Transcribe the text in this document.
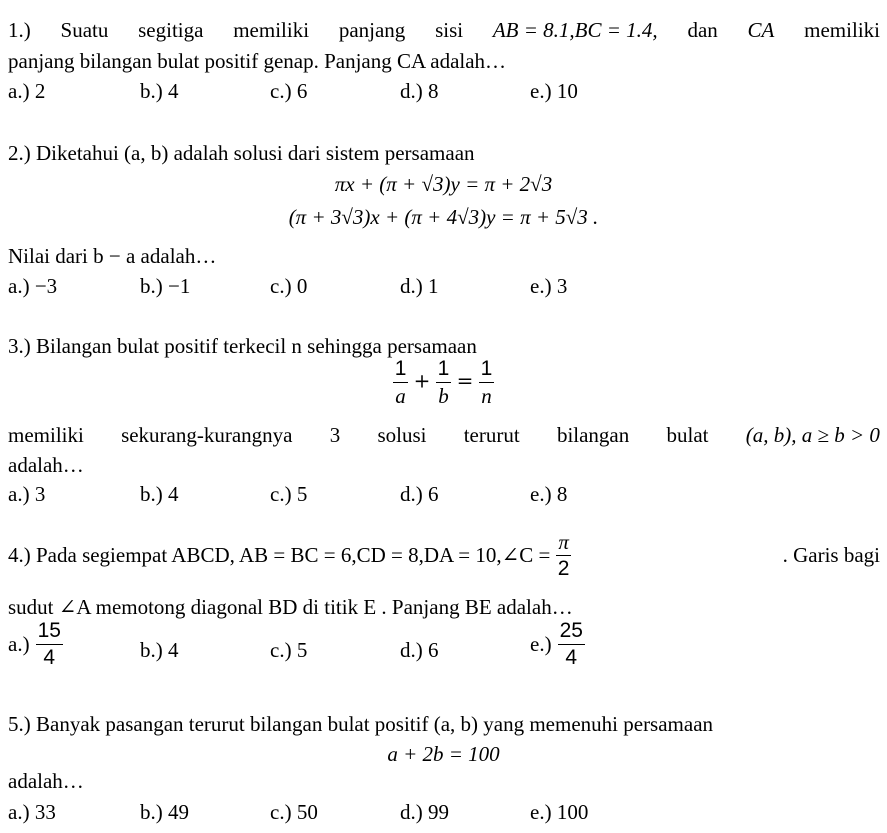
1.) Suatu segitiga memiliki panjang sisi AB = 8.1,BC = 1.4, dan CA memiliki
panjang bilangan bulat positif genap. Panjang CA adalah…
a.) 2	b.) 4	c.) 6	d.) 8	e.) 10
2.) Diketahui (a, b) adalah solusi dari sistem persamaan
πx + (π + √3)y = π + 2√3
(π + 3√3)x + (π + 4√3)y = π + 5√3 .
Nilai dari b − a adalah…
a.) −3	b.) −1	c.) 0	d.) 1	e.) 3
3.) Bilangan bulat positif terkecil n sehingga persamaan
$\frac{1}{a} + \frac{1}{b} = \frac{1}{n}$
memiliki sekurang-kurangnya 3 solusi terurut bilangan bulat (a, b), a ≥ b > 0
adalah…
a.) 3	b.) 4	c.) 5	d.) 6	e.) 8
4.) Pada segiempat ABCD, AB = BC = 6,CD = 8,DA = 10,∠C = $\frac{\pi}{2}$	. Garis bagi
sudut ∠A memotong diagonal BD di titik E . Panjang BE adalah…
$a.) \frac{15}{4}$	b.) 4	c.) 5	d.) 6	$e.) \frac{25}{4}$
5.) Banyak pasangan terurut bilangan bulat positif (a, b) yang memenuhi persamaan
a + 2b = 100
adalah…
a.) 33	b.) 49	c.) 50	d.) 99	e.) 100
